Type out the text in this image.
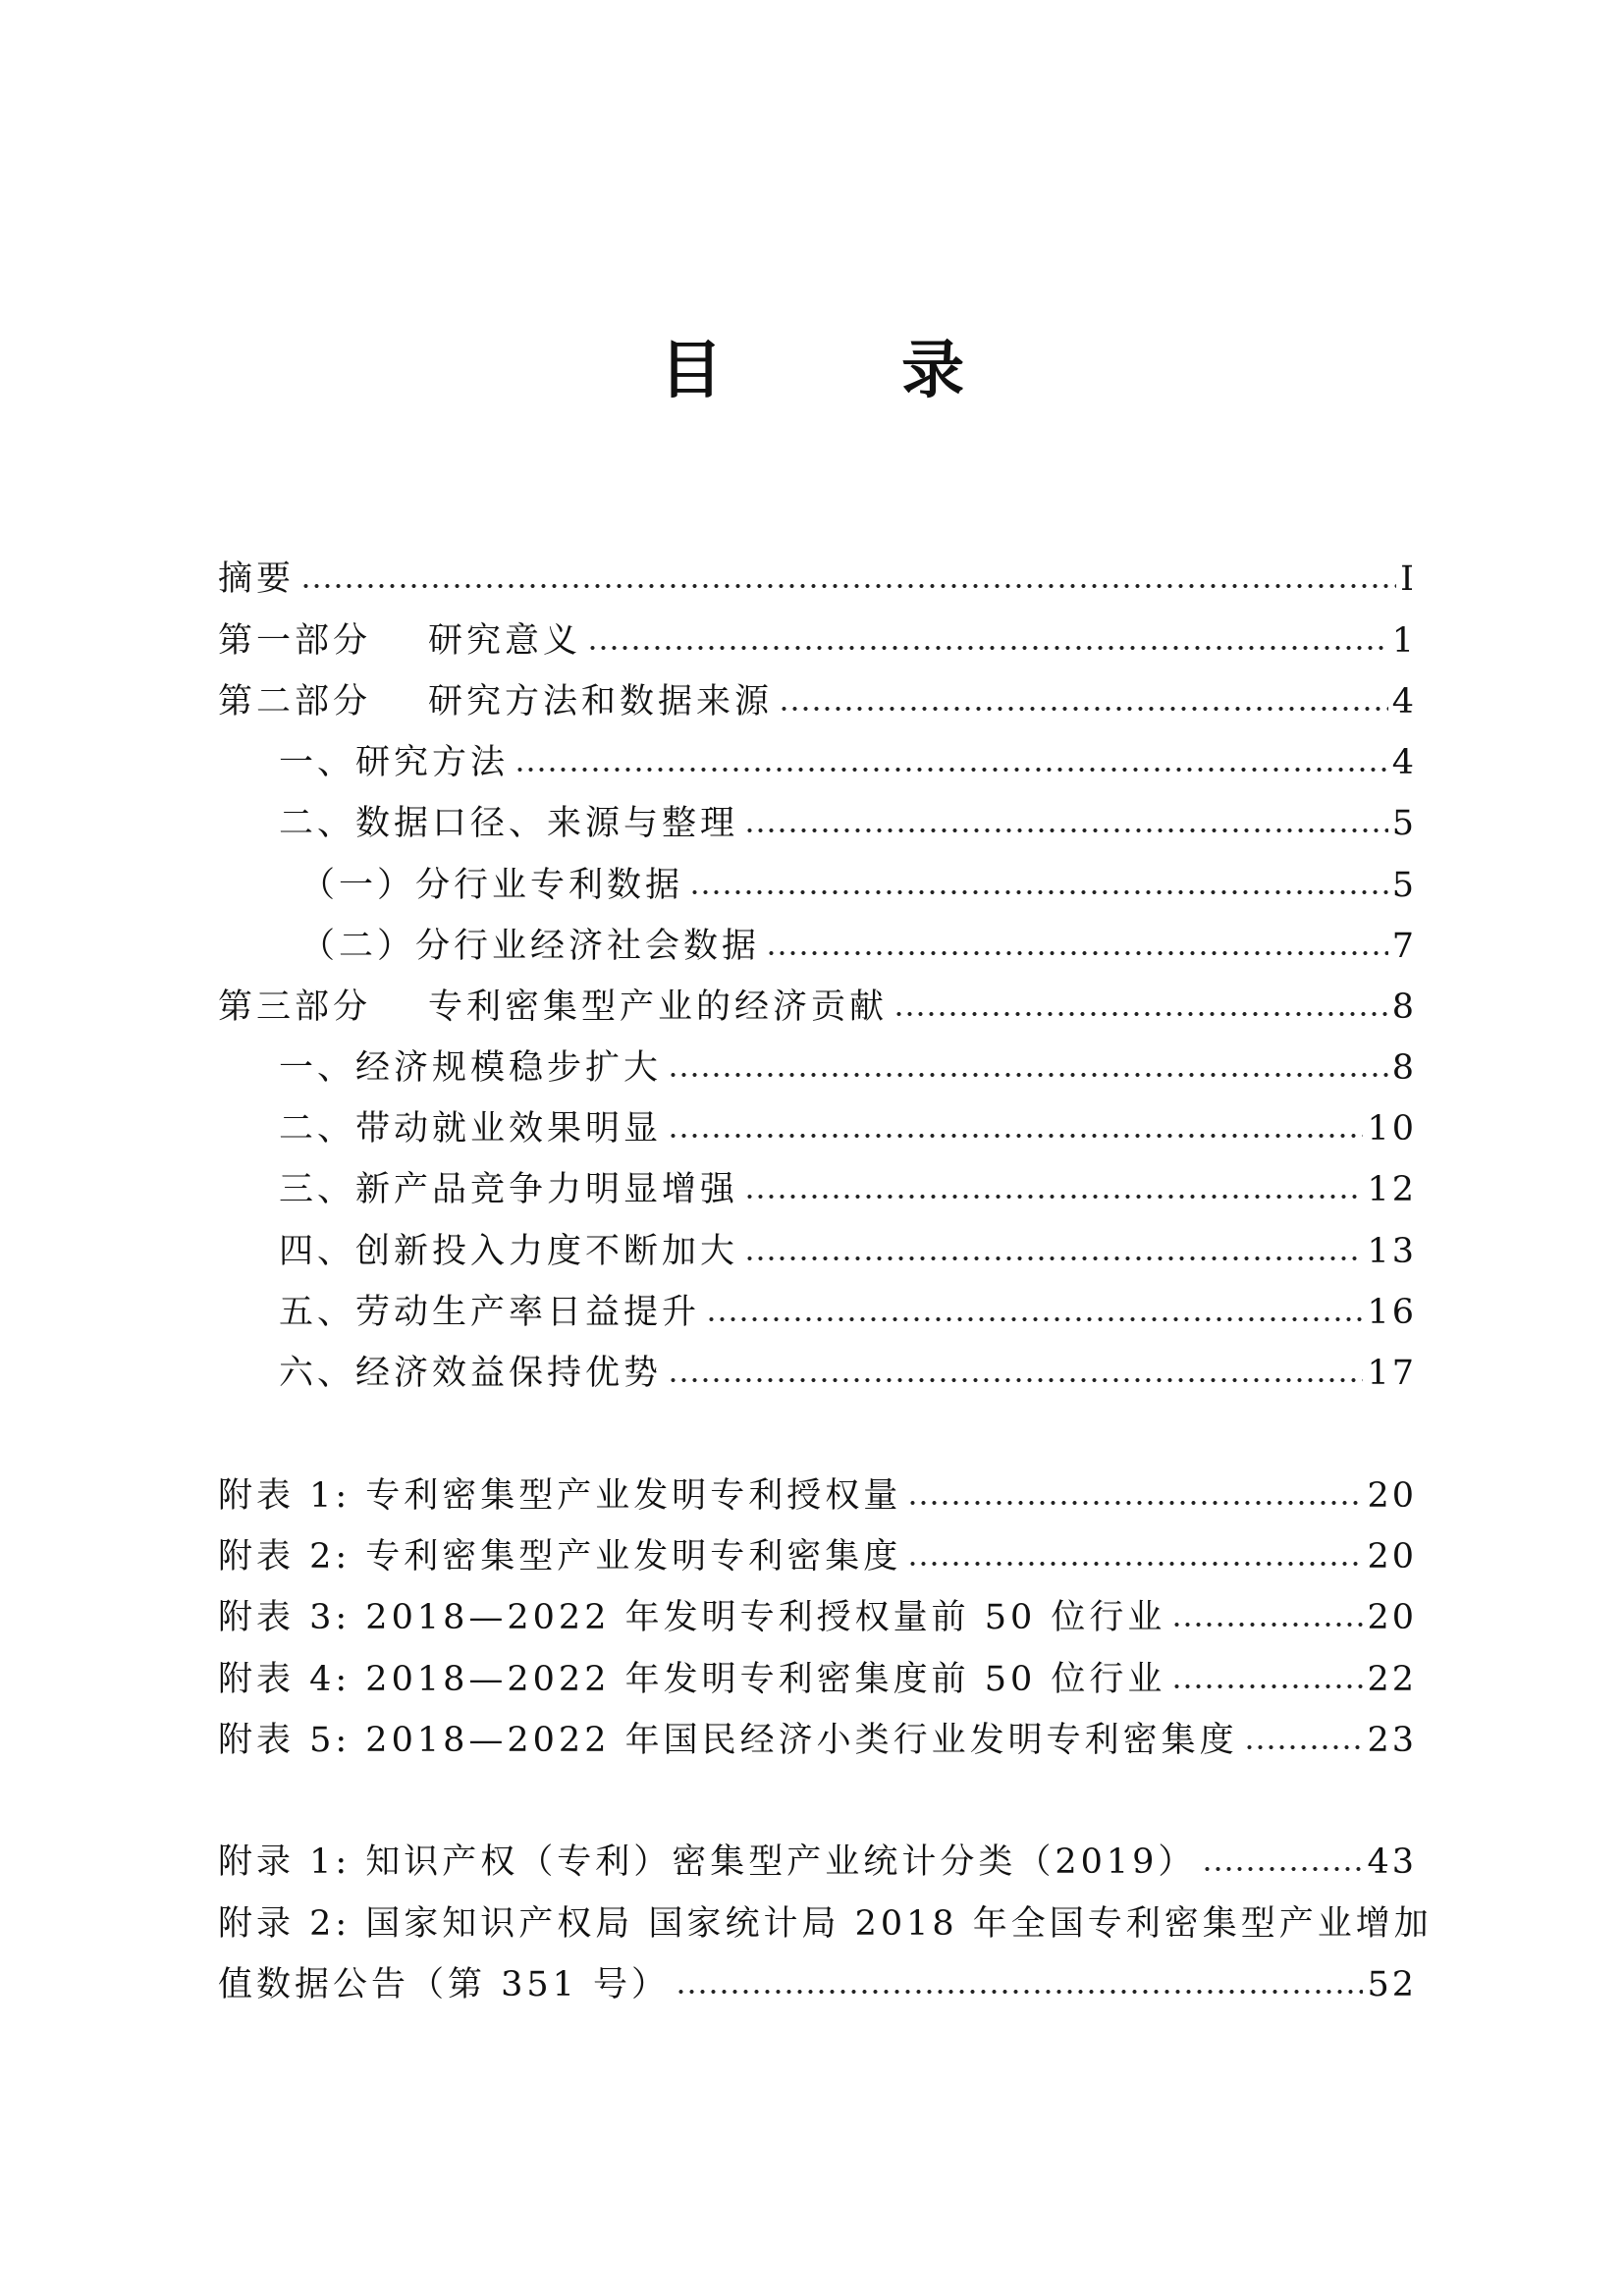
目 录
摘要	I
第一部分 研究意义	1
第二部分 研究方法和数据来源	4
一、研究方法	4
二、数据口径、来源与整理	5
（一）分行业专利数据	5
（二）分行业经济社会数据	7
第三部分 专利密集型产业的经济贡献	8
一、经济规模稳步扩大	8
二、带动就业效果明显	10
三、新产品竞争力明显增强	12
四、创新投入力度不断加大	13
五、劳动生产率日益提升	16
六、经济效益保持优势	17
附表 1: 专利密集型产业发明专利授权量	20
附表 2: 专利密集型产业发明专利密集度	20
附表 3: 2018—2022 年发明专利授权量前 50 位行业	20
附表 4: 2018—2022 年发明专利密集度前 50 位行业	22
附表 5: 2018—2022 年国民经济小类行业发明专利密集度	23
附录 1: 知识产权（专利）密集型产业统计分类（2019）	43
附录 2: 国家知识产权局 国家统计局 2018 年全国专利密集型产业增加
值数据公告（第 351 号）	52
